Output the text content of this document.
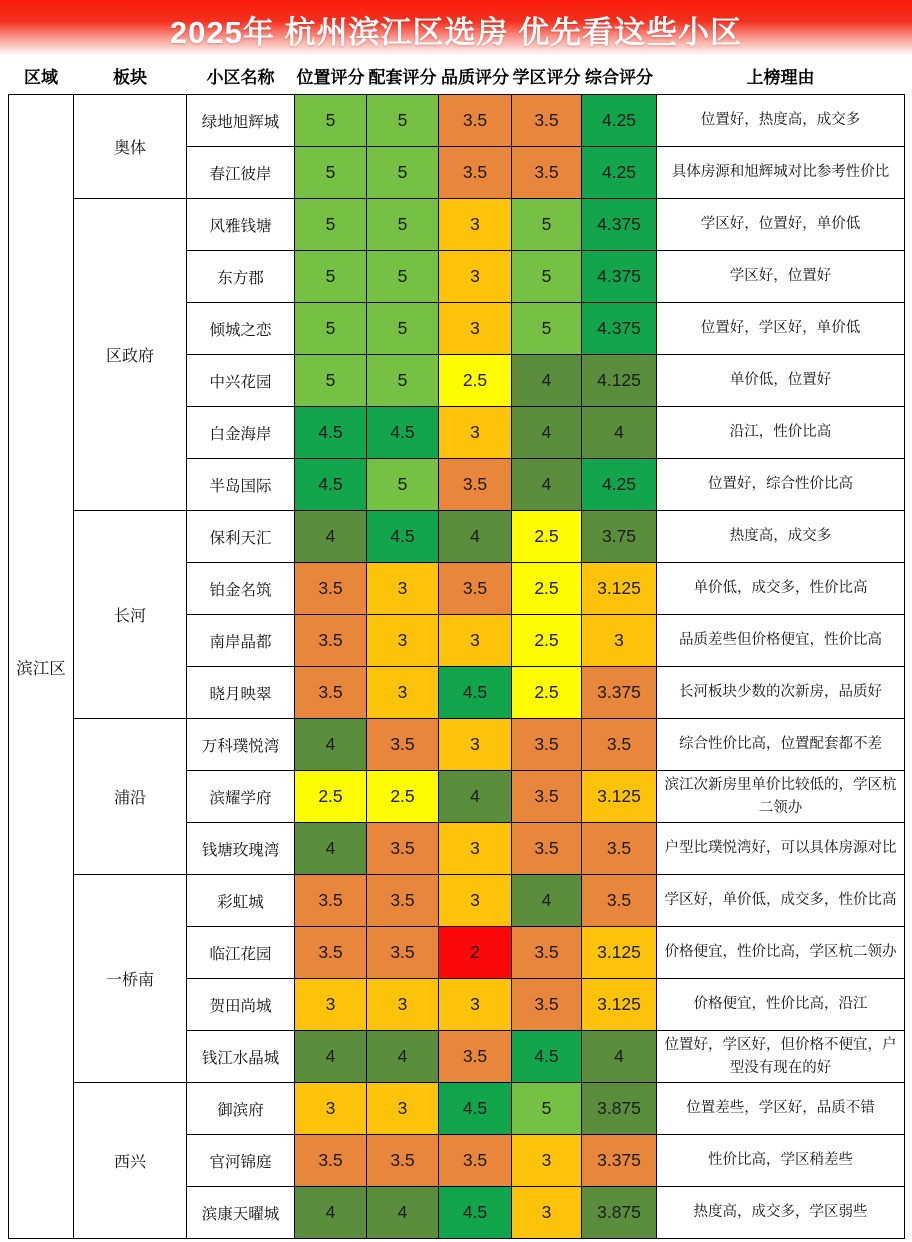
2025年 杭州滨江区选房 优先看这些小区
区域	板块	小区名称	位置评分	配套评分	品质评分	学区评分	综合评分	上榜理由
滨江区	奥体	绿地旭辉城	5	5	3.5	3.5	4.25	位置好，热度高，成交多
		春江彼岸	5	5	3.5	3.5	4.25	具体房源和旭辉城对比参考性价比
	区政府	风雅钱塘	5	5	3	5	4.375	学区好，位置好，单价低
		东方郡	5	5	3	5	4.375	学区好，位置好
		倾城之恋	5	5	3	5	4.375	位置好，学区好，单价低
		中兴花园	5	5	2.5	4	4.125	单价低，位置好
		白金海岸	4.5	4.5	3	4	4	沿江，性价比高
		半岛国际	4.5	5	3.5	4	4.25	位置好，综合性价比高
	长河	保利天汇	4	4.5	4	2.5	3.75	热度高，成交多
		铂金名筑	3.5	3	3.5	2.5	3.125	单价低，成交多，性价比高
		南岸晶都	3.5	3	3	2.5	3	品质差些但价格便宜，性价比高
		晓月映翠	3.5	3	4.5	2.5	3.375	长河板块少数的次新房，品质好
	浦沿	万科璞悦湾	4	3.5	3	3.5	3.5	综合性价比高，位置配套都不差
		滨耀学府	2.5	2.5	4	3.5	3.125	滨江次新房里单价比较低的，学区杭二领办
		钱塘玫瑰湾	4	3.5	3	3.5	3.5	户型比璞悦湾好，可以具体房源对比
	一桥南	彩虹城	3.5	3.5	3	4	3.5	学区好，单价低，成交多，性价比高
		临江花园	3.5	3.5	2	3.5	3.125	价格便宜，性价比高，学区杭二领办
		贺田尚城	3	3	3	3.5	3.125	价格便宜，性价比高，沿江
		钱江水晶城	4	4	3.5	4.5	4	位置好，学区好，但价格不便宜，户型没有现在的好
	西兴	御滨府	3	3	4.5	5	3.875	位置差些，学区好，品质不错
		官河锦庭	3.5	3.5	3.5	3	3.375	性价比高，学区稍差些
		滨康天曜城	4	4	4.5	3	3.875	热度高，成交多，学区弱些
